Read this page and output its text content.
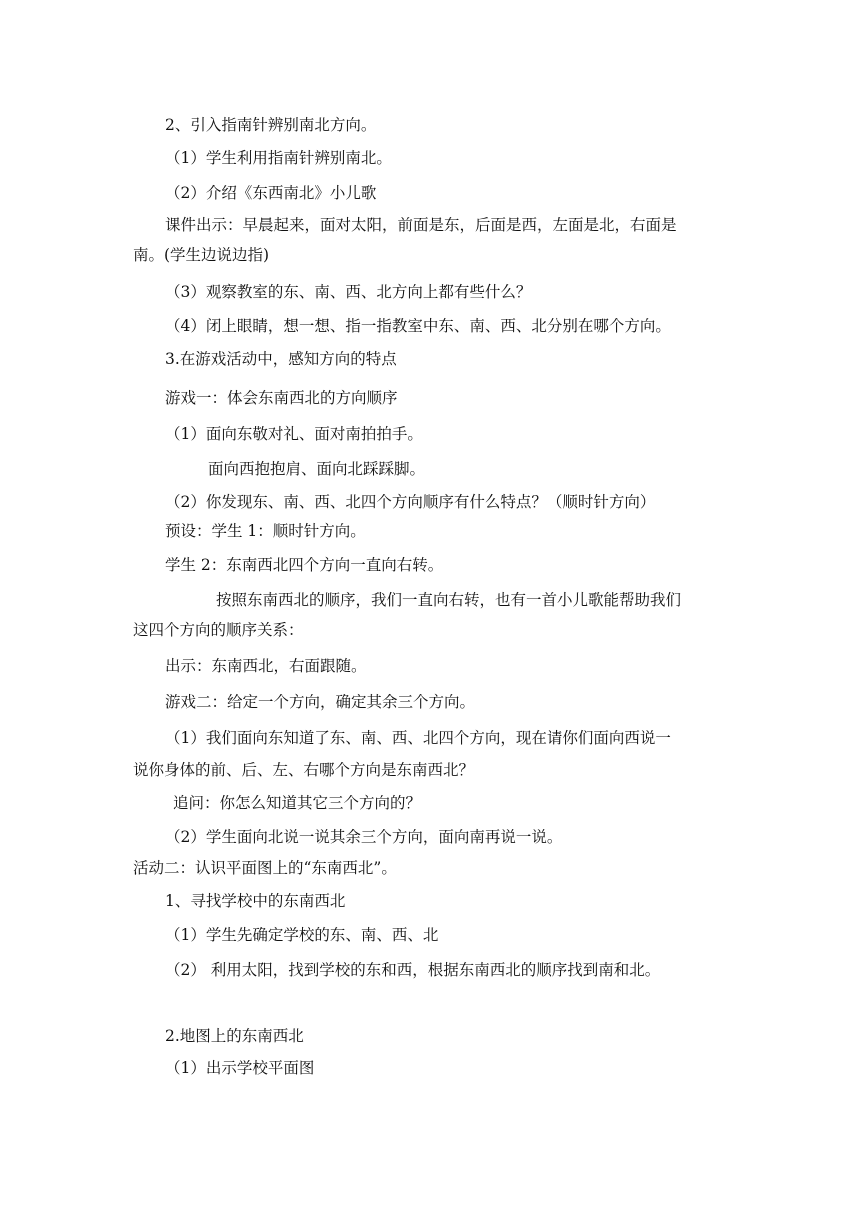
2、引入指南针辨别南北方向。
（1）学生利用指南针辨别南北。
（2）介绍《东西南北》小儿歌
课件出示：早晨起来，面对太阳，前面是东，后面是西，左面是北，右面是
南。(学生边说边指)
（3）观察教室的东、南、西、北方向上都有些什么？
（4）闭上眼睛，想一想、指一指教室中东、南、西、北分别在哪个方向。
3.在游戏活动中，感知方向的特点
游戏一：体会东南西北的方向顺序
（1）面向东敬对礼、面对南拍拍手。
面向西抱抱肩、面向北踩踩脚。
（2）你发现东、南、西、北四个方向顺序有什么特点？（顺时针方向）
预设：学生 1：顺时针方向。
学生 2：东南西北四个方向一直向右转。
按照东南西北的顺序，我们一直向右转，也有一首小儿歌能帮助我们
这四个方向的顺序关系：
出示：东南西北，右面跟随。
游戏二：给定一个方向，确定其余三个方向。
（1）我们面向东知道了东、南、西、北四个方向，现在请你们面向西说一
说你身体的前、后、左、右哪个方向是东南西北？
追问：你怎么知道其它三个方向的？
（2）学生面向北说一说其余三个方向，面向南再说一说。
活动二：认识平面图上的“东南西北”。
1、寻找学校中的东南西北
（1）学生先确定学校的东、南、西、北
（2） 利用太阳，找到学校的东和西，根据东南西北的顺序找到南和北。
2.地图上的东南西北
（1）出示学校平面图
